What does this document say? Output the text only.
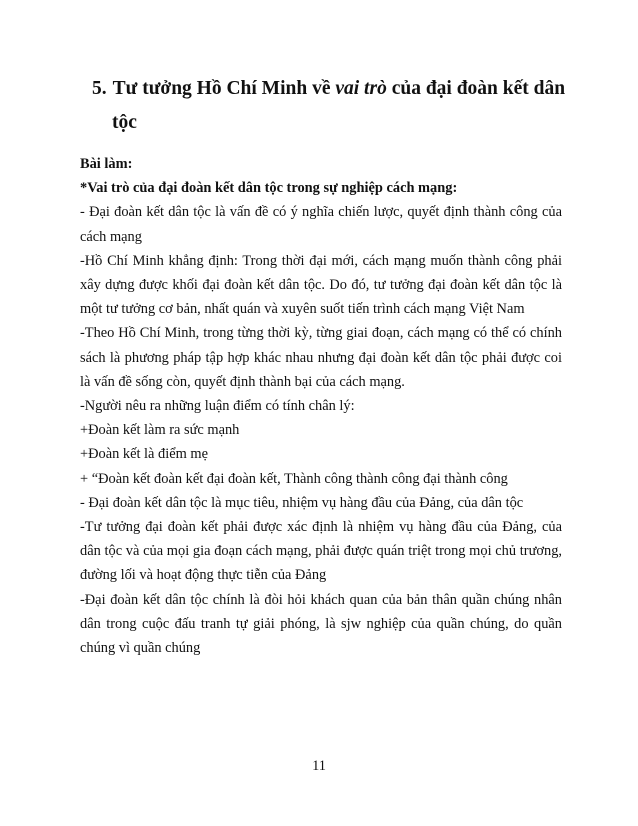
5. Tư tưởng Hồ Chí Minh về vai trò của đại đoàn kết dân
tộc

Bài làm:

*Vai trò của đại đoàn kết dân tộc trong sự nghiệp cách mạng:

- Đại đoàn kết dân tộc là vấn đề có ý nghĩa chiến lược, quyết định thành công của cách mạng

-Hồ Chí Minh khẳng định: Trong thời đại mới, cách mạng muốn thành công phải xây dựng được khối đại đoàn kết dân tộc. Do đó, tư tưởng đại đoàn kết dân tộc là một tư tưởng cơ bản, nhất quán và xuyên suốt tiến trình cách mạng Việt Nam

-Theo Hồ Chí Minh, trong từng thời kỳ, từng giai đoạn, cách mạng có thể có chính sách là phương pháp tập hợp khác nhau nhưng đại đoàn kết dân tộc phải được coi là vấn đề sống còn, quyết định thành bại của cách mạng.

-Người nêu ra những luận điểm có tính chân lý:

+Đoàn kết làm ra sức mạnh

+Đoàn kết là điểm mẹ

+ “Đoàn kết đoàn kết đại đoàn kết, Thành công thành công đại thành công

- Đại đoàn kết dân tộc là mục tiêu, nhiệm vụ hàng đầu của Đảng, của dân tộc

-Tư tưởng đại đoàn kết phải được xác định là nhiệm vụ hàng đầu của Đảng, của dân tộc và của mọi gia đoạn cách mạng, phải được quán triệt trong mọi chủ trương, đường lối và hoạt động thực tiễn của Đảng

-Đại đoàn kết dân tộc chính là đòi hỏi khách quan của bản thân quần chúng nhân dân trong cuộc đấu tranh tự giải phóng, là sjw nghiệp của quần chúng, do quần chúng vì quần chúng

11
